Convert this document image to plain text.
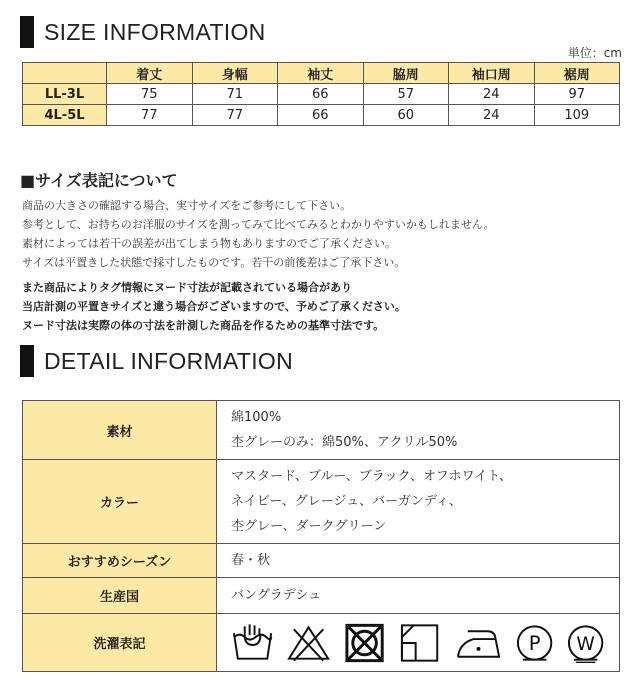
SIZE INFORMATION
単位：cm
	着丈	身幅	袖丈	脇周	袖口周	裾周
LL-3L	75	71	66	57	24	97
4L-5L	77	77	66	60	24	109
■サイズ表記について
商品の大きさの確認する場合、実寸サイズをご参考にして下さい。
参考として、お持ちのお洋服のサイズを測ってみて比べてみるとわかりやすいかもしれません。
素材によっては若干の誤差が出てしまう物もありますのでご了承ください。
サイズは平置きした状態で採寸したものです。若干の前後差はご了承下さい。
また商品によりタグ情報にヌード寸法が記載されている場合があり
当店計測の平置きサイズと違う場合がございますので、予めご了承ください。
ヌード寸法は実際の体の寸法を計測した商品を作るための基準寸法です。
DETAIL INFORMATION
素材	綿100%
杢グレーのみ：綿50%、アクリル50%

カラー	マスタード、ブルー、ブラック、オフホワイト、
ネイビー、グレージュ、バーガンディ、
杢グレー、ダークグリーン

おすすめシーズン	春・秋
生産国	バングラデシュ
洗濯表記	P W
